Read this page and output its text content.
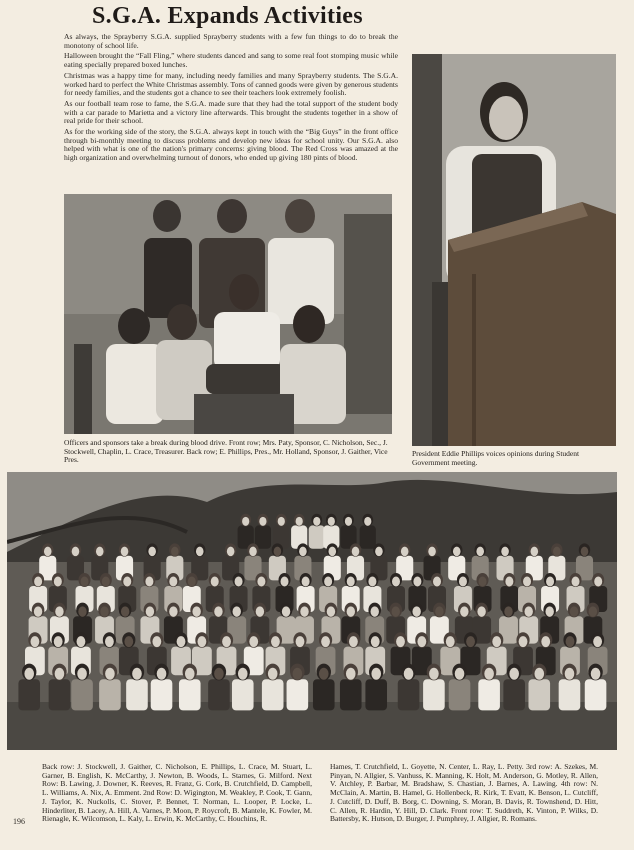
S.G.A. Expands Activities

As always, the Sprayberry S.G.A. supplied Sprayberry students with a few fun things to do to break the monotony of school life.

Halloween brought the “Fall Fling,” where students danced and sang to some real foot stomping music while eating specially prepared boxed lunches.

Christmas was a happy time for many, including needy families and many Sprayberry students. The S.G.A. worked hard to perfect the White Christmas assembly. Tons of canned goods were given by generous students for needy families, and the students got a chance to see their teachers look extremely foolish.

As our football team rose to fame, the S.G.A. made sure that they had the total support of the student body with a car parade to Marietta and a victory line afterwards. This brought the students together in a show of real pride for their school.

As for the working side of the story, the S.G.A. always kept in touch with the “Big Guys” in the front office through bi-monthly meeting to discuss problems and develop new ideas for school unity. Our S.G.A. also helped with what is one of the nation's primary concerns: giving blood. The Red Cross was amazed at the high organization and overwhelming turnout of donors, who ended up giving 180 pints of blood.

Officers and sponsors take a break during blood drive. Front row; Mrs. Paty, Sponsor, C. Nicholson, Sec., J. Stockwell, Chaplin, L. Crace, Treasurer. Back row; E. Phillips, Pres., Mr. Holland, Sponsor, J. Gaither, Vice Pres.
President Eddie Phillips voices opinions during Student Government meeting.
Back row: J. Stockwell, J. Gaither, C. Nicholson, E. Phillips, L. Crace, M. Stuart, L. Garner, B. English, K. McCarthy, J. Newton, B. Woods, L. Starnes, G. Milford. Next Row: B. Lawing, J. Downer, K. Reeves, R. Franz, G. Cork, B. Crutchfield, D. Campbell, L. Williams, A. Nix, A. Emment. 2nd Row: D. Wigington, M. Weakley, P. Cook, T. Gann, J. Taylor, K. Nuckolls, C. Stover, P. Bennet, T. Norman, L. Looper, P. Locke, L. Hinderliter, B. Lacey, A. Hill, A. Varnes, P. Moon, P. Roycroft, B. Mantele, K. Fowler, M. Rienagle, K. Wilcomson, L. Kaly, L. Erwin, K. McCarthy, C. Houchins, R.
Hames, T. Crutchfield, L. Goyette, N. Center, L. Ray, L. Petty. 3rd row: A. Szekes, M. Pinyan, N. Allgier, S. Vanhuss, K. Manning, K. Holt, M. Anderson, G. Motley, R. Allen, V. Atchley, P. Barbar, M. Bradshaw, S. Chastian, J. Barnes, A. Lawing. 4th row: N. McClain, A. Martin, B. Hamel, G. Hollenbeck, R. Kirk, T. Evatt, K. Benson, L. Cutcliff, J. Cutcliff, D. Duff, B. Borg, C. Downing, S. Moran, B. Davis, R. Townshend, D. Hitt, C. Allen, R. Hardin, Y. Hill, D. Clark. Front row: T. Suddreth, K. Vinton, P. Wilks, D. Battersby, K. Hutson, D. Burger, J. Pumphrey, J. Allgier, R. Romans.
196
